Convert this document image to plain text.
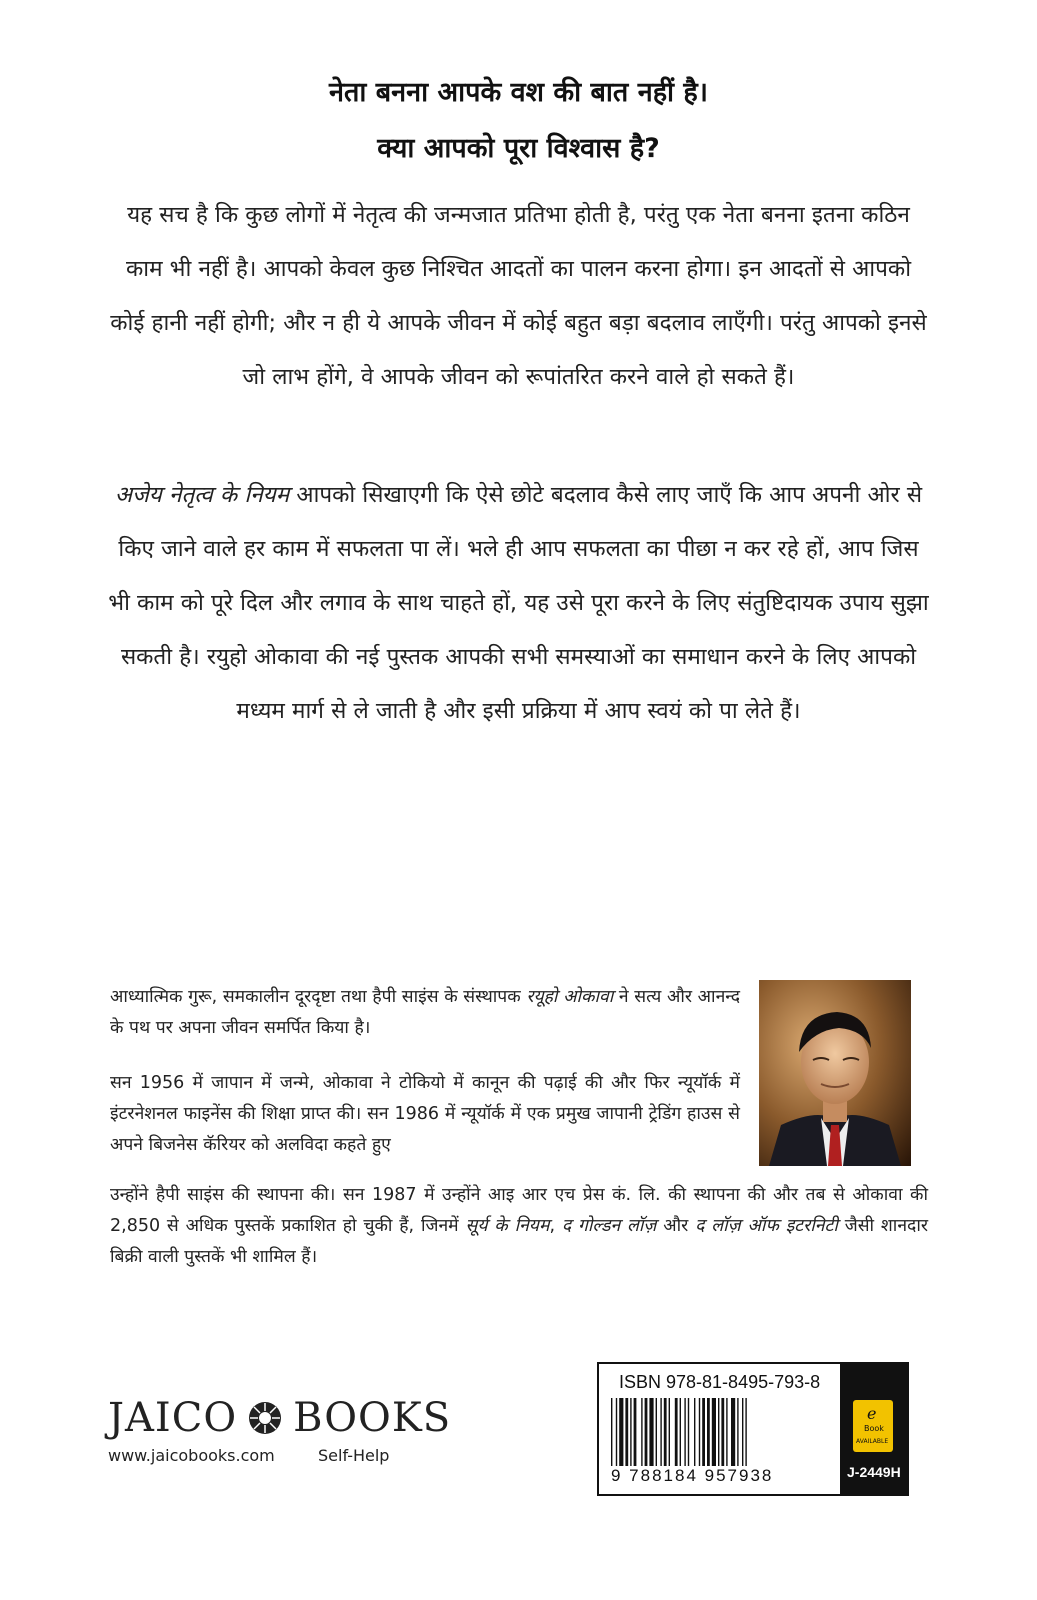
नेता बनना आपके वश की बात नहीं है।
क्या आपको पूरा विश्वास है?
यह सच है कि कुछ लोगों में नेतृत्व की जन्मजात प्रतिभा होती है, परंतु एक नेता बनना इतना कठिन काम भी नहीं है। आपको केवल कुछ निश्चित आदतों का पालन करना होगा। इन आदतों से आपको कोई हानी नहीं होगी; और न ही ये आपके जीवन में कोई बहुत बड़ा बदलाव लाएँगी। परंतु आपको इनसे जो लाभ होंगे, वे आपके जीवन को रूपांतरित करने वाले हो सकते हैं।
अजेय नेतृत्व के नियम आपको सिखाएगी कि ऐसे छोटे बदलाव कैसे लाए जाएँ कि आप अपनी ओर से किए जाने वाले हर काम में सफलता पा लें। भले ही आप सफलता का पीछा न कर रहे हों, आप जिस भी काम को पूरे दिल और लगाव के साथ चाहते हों, यह उसे पूरा करने के लिए संतुष्टिदायक उपाय सुझा सकती है। रयुहो ओकावा की नई पुस्तक आपकी सभी समस्याओं का समाधान करने के लिए आपको मध्यम मार्ग से ले जाती है और इसी प्रक्रिया में आप स्वयं को पा लेते हैं।
आध्यात्मिक गुरू, समकालीन दूरदृष्टा तथा हैपी साइंस के संस्थापक रयूहो ओकावा ने सत्य और आनन्द के पथ पर अपना जीवन समर्पित किया है।
सन 1956 में जापान में जन्मे, ओकावा ने टोकियो में कानून की पढ़ाई की और फिर न्यूयॉर्क में इंटरनेशनल फाइनेंस की शिक्षा प्राप्त की। सन 1986 में न्यूयॉर्क में एक प्रमुख जापानी ट्रेडिंग हाउस से अपने बिजनेस कॅरियर को अलविदा कहते हुए
उन्होंने हैपी साइंस की स्थापना की। सन 1987 में उन्होंने आइ आर एच प्रेस कं. लि. की स्थापना की और तब से ओकावा की 2,850 से अधिक पुस्तकें प्रकाशित हो चुकी हैं, जिनमें सूर्य के नियम, द गोल्डन लॉज़ और द लॉज़ ऑफ इटरनिटी जैसी शानदार बिक्री वाली पुस्तकें भी शामिल हैं।
JAICO BOOKS
www.jaicobooks.com	Self-Help
ISBN 978-81-8495-793-8
9 788184 957938
e
Book
AVAILABLE
J-2449H
